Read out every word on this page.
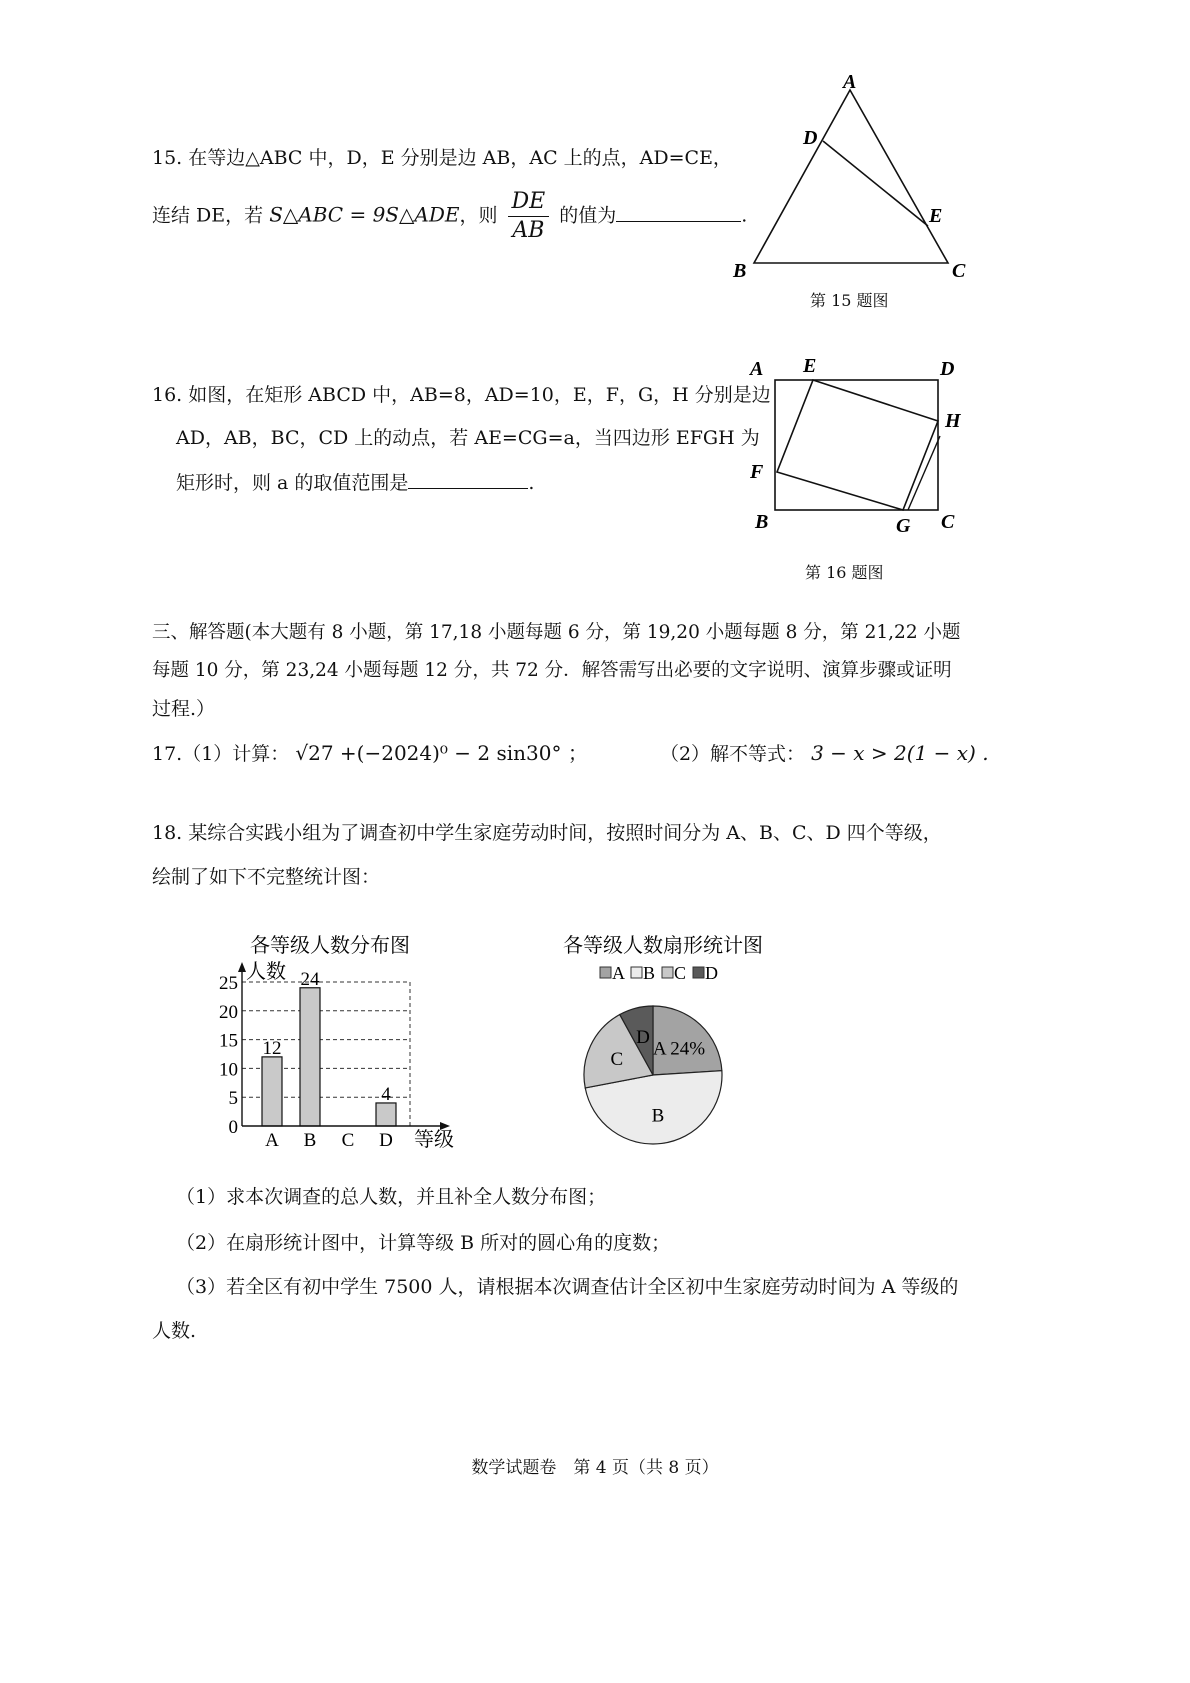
15. 在等边△ABC 中，D，E 分别是边 AB，AC 上的点，AD=CE，
连结 DE，若 S△ABC = 9S△ADE，则 $\frac{DE}{AB}$ 的值为	.
A
D
E
B	C
第 15 题图
16. 如图，在矩形 ABCD 中，AB=8，AD=10，E，F，G，H 分别是边
AD，AB，BC，CD 上的动点，若 AE=CG=a，当四边形 EFGH 为
矩形时，则 a 的取值范围是	.
A E	D
H
F
B	G C
第 16 题图
三、解答题(本大题有 8 小题，第 17,18 小题每题 6 分，第 19,20 小题每题 8 分，第 21,22 小题
每题 10 分，第 23,24 小题每题 12 分，共 72 分．解答需写出必要的文字说明、演算步骤或证明
过程.）
17.（1）计算： √27 +(−2024)⁰ − 2 sin30° ；	（2）解不等式： 3 − x > 2(1 − x) .
18. 某综合实践小组为了调查初中学生家庭劳动时间，按照时间分为 A、B、C、D 四个等级，
绘制了如下不完整统计图：
各等级人数分布图
人数
等级
12
24
4
0
5
10
15
20
25
A B C D
各等级人数扇形统计图
A B C D
A 24%
B
C
D
（1）求本次调查的总人数，并且补全人数分布图；
（2）在扇形统计图中，计算等级 B 所对的圆心角的度数；
（3）若全区有初中学生 7500 人，请根据本次调查估计全区初中生家庭劳动时间为 A 等级的
人数.
数学试题卷　第 4 页（共 8 页）
